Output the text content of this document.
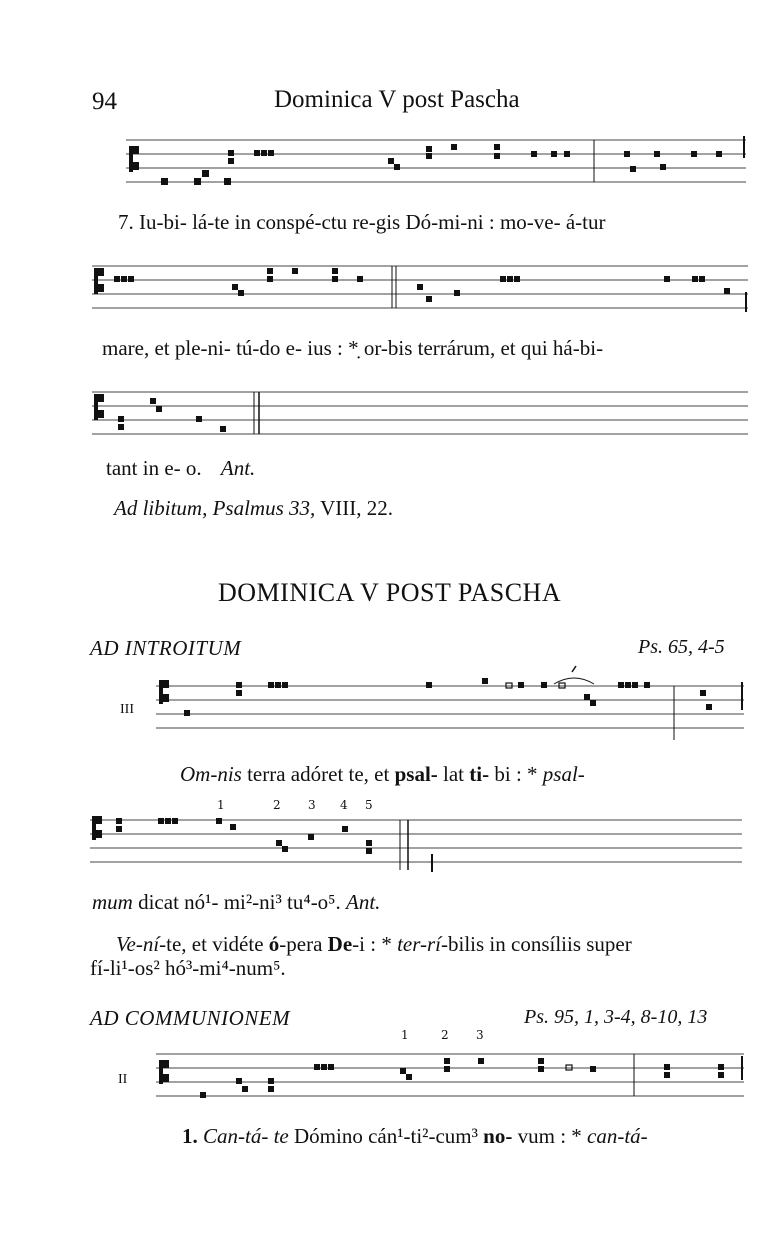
94	Dominica V post Pascha
7. Iu-bi- lá-te in conspé-ctu re-gis Dó-mi-ni : mo-ve- á-tur
mare, et ple-ni- tú-do e- ius : *̣ or-bis terrárum, et qui há-bi-
tant in e- o. Ant.
Ad libitum, Psalmus 33, VIII, 22.
DOMINICA V POST PASCHA
AD INTROITUM	Ps. 65, 4-5
III
Om-nis terra adóret te, et psal- lat ti- bi : * psal-
1	2 3 4 5
mum dicat nó¹- mi²-ni³ tu⁴-o⁵. Ant.
Ve-ní-te, et vidéte ó-pera De-i : * ter-rí-bilis in consíliis super
fí-li¹-os² hó³-mi⁴-num⁵.
AD COMMUNIONEM	Ps. 95, 1, 3-4, 8-10, 13
1	2 3
II
1. Can-tá- te Dómino cán¹-ti²-cum³ no- vum : * can-tá-
